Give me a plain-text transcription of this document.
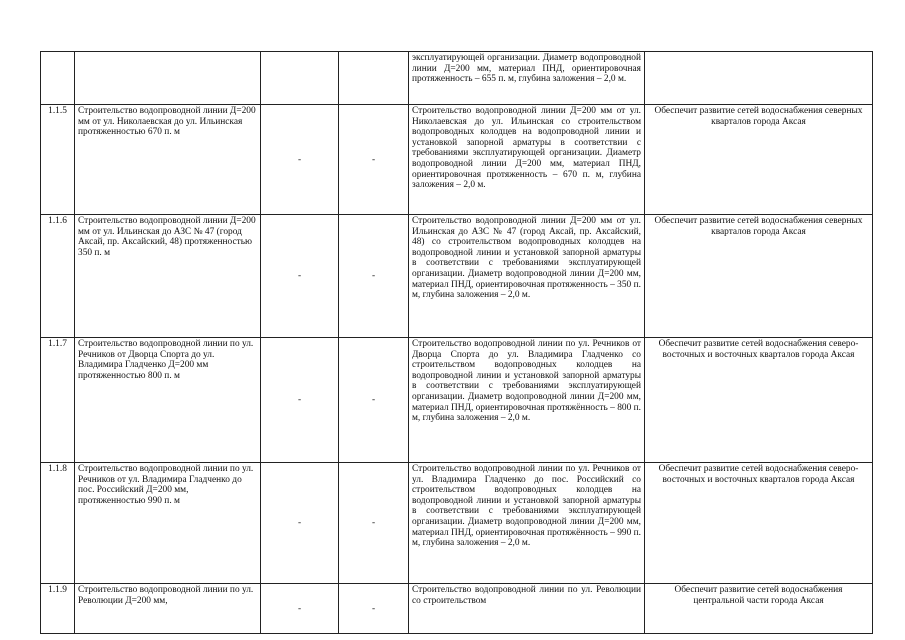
				эксплуатирующей организации. Диаметр водопроводной линии Д=200 мм, материал ПНД, ориентировочная протяженность – 655 п. м, глубина заложения – 2,0 м.	
1.1.5	Строительство водопроводной линии Д=200 мм от ул. Николаевская до ул. Ильинская протяженностью 670 п. м	-	-	Строительство водопроводной линии Д=200 мм от ул. Николаевская до ул. Ильинская со строительством водопроводных колодцев на водопроводной линии и установкой запорной арматуры в соответствии с требованиями эксплуатирующей организации. Диаметр водопроводной линии Д=200 мм, материал ПНД, ориентировочная протяженность – 670 п. м, глубина заложения – 2,0 м.	Обеспечит развитие сетей водоснабжения северных кварталов города Аксая
1.1.6	Строительство водопроводной линии Д=200 мм от ул. Ильинская до АЗС № 47 (город Аксай, пр. Аксайский, 48) протяженностью 350 п. м	-	-	Строительство водопроводной линии Д=200 мм от ул. Ильинская до АЗС № 47 (город Аксай, пр. Аксайский, 48) со строительством водопроводных колодцев на водопроводной линии и установкой запорной арматуры в соответствии с требованиями эксплуатирующей организации. Диаметр водопроводной линии Д=200 мм, материал ПНД, ориентировочная протяженность – 350 п. м, глубина заложения – 2,0 м.	Обеспечит развитие сетей водоснабжения северных кварталов города Аксая
1.1.7	Строительство водопроводной линии по ул. Речников от Дворца Спорта до ул. Владимира Гладченко Д=200 мм протяженностью 800 п. м	-	-	Строительство водопроводной линии по ул. Речников от Дворца Спорта до ул. Владимира Гладченко со строительством водопроводных колодцев на водопроводной линии и установкой запорной арматуры в соответствии с требованиями эксплуатирующей организации. Диаметр водопроводной линии Д=200 мм, материал ПНД, ориентировочная протяжённость – 800 п. м, глубина заложения – 2,0 м.	Обеспечит развитие сетей водоснабжения северо-восточных и восточных кварталов города Аксая
1.1.8	Строительство водопроводной линии по ул. Речников от ул. Владимира Гладченко до пос. Российский Д=200 мм, протяженностью 990 п. м	-	-	Строительство водопроводной линии по ул. Речников от ул. Владимира Гладченко до пос. Российский со строительством водопроводных колодцев на водопроводной линии и установкой запорной арматуры в соответствии с требованиями эксплуатирующей организации. Диаметр водопроводной линии Д=200 мм, материал ПНД, ориентировочная протяжённость – 990 п. м, глубина заложения – 2,0 м.	Обеспечит развитие сетей водоснабжения северо-восточных и восточных кварталов города Аксая
1.1.9	Строительство водопроводной линии по ул. Революции Д=200 мм,	-	-	Строительство водопроводной линии по ул. Революции со строительством	Обеспечит развитие сетей водоснабжения центральной части города Аксая
